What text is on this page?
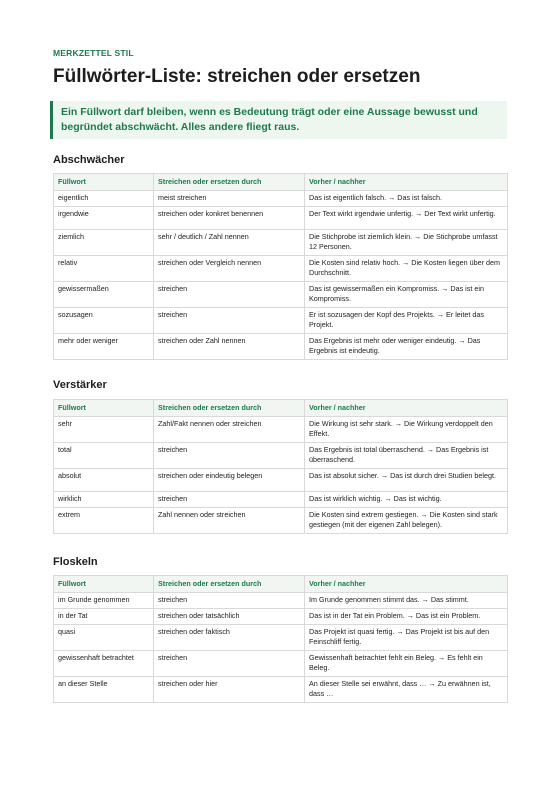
MERKZETTEL STIL
Füllwörter-Liste: streichen oder ersetzen
Ein Füllwort darf bleiben, wenn es Bedeutung trägt oder eine Aussage bewusst und begründet abschwächt. Alles andere fliegt raus.
Abschwächer
Füllwort	Streichen oder ersetzen durch	Vorher / nachher
eigentlich	meist streichen	Das ist eigentlich falsch. → Das ist falsch.
irgendwie	streichen oder konkret benennen	Der Text wirkt irgendwie unfertig. → Der Text wirkt unfertig.
ziemlich	sehr / deutlich / Zahl nennen	Die Stichprobe ist ziemlich klein. → Die Stichprobe umfasst 12 Personen.
relativ	streichen oder Vergleich nennen	Die Kosten sind relativ hoch. → Die Kosten liegen über dem Durchschnitt.
gewissermaßen	streichen	Das ist gewissermaßen ein Kompromiss. → Das ist ein Kompromiss.
sozusagen	streichen	Er ist sozusagen der Kopf des Projekts. → Er leitet das Projekt.
mehr oder weniger	streichen oder Zahl nennen	Das Ergebnis ist mehr oder weniger eindeutig. → Das Ergebnis ist eindeutig.
Verstärker
Füllwort	Streichen oder ersetzen durch	Vorher / nachher
sehr	Zahl/Fakt nennen oder streichen	Die Wirkung ist sehr stark. → Die Wirkung verdoppelt den Effekt.
total	streichen	Das Ergebnis ist total überraschend. → Das Ergebnis ist überraschend.
absolut	streichen oder eindeutig belegen	Das ist absolut sicher. → Das ist durch drei Studien belegt.
wirklich	streichen	Das ist wirklich wichtig. → Das ist wichtig.
extrem	Zahl nennen oder streichen	Die Kosten sind extrem gestiegen. → Die Kosten sind stark gestiegen (mit der eigenen Zahl belegen).
Floskeln
Füllwort	Streichen oder ersetzen durch	Vorher / nachher
im Grunde genommen	streichen	Im Grunde genommen stimmt das. → Das stimmt.
in der Tat	streichen oder tatsächlich	Das ist in der Tat ein Problem. → Das ist ein Problem.
quasi	streichen oder faktisch	Das Projekt ist quasi fertig. → Das Projekt ist bis auf den Feinschliff fertig.
gewissenhaft betrachtet	streichen	Gewissenhaft betrachtet fehlt ein Beleg. → Es fehlt ein Beleg.
an dieser Stelle	streichen oder hier	An dieser Stelle sei erwähnt, dass … → Zu erwähnen ist, dass …
